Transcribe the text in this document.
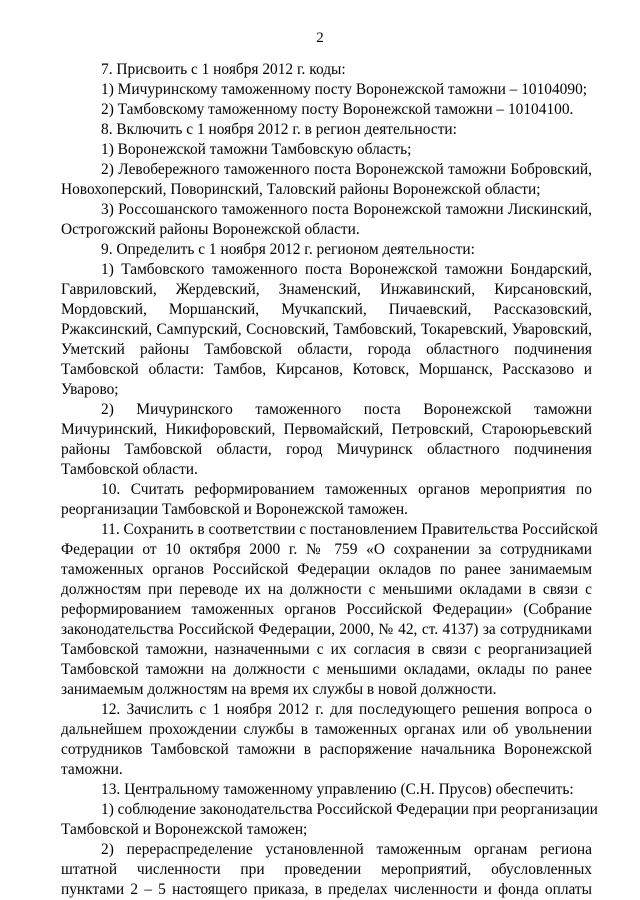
2
7. Присвоить с 1 ноября 2012 г. коды:
1) Мичуринскому таможенному посту Воронежской таможни – 10104090;
2) Тамбовскому таможенному посту Воронежской таможни – 10104100.
8. Включить с 1 ноября 2012 г. в регион деятельности:
1) Воронежской таможни Тамбовскую область;
2) Левобережного таможенного поста Воронежской таможни Бобровский,
Новохоперский, Поворинский, Таловский районы Воронежской области;
3) Россошанского таможенного поста Воронежской таможни Лискинский,
Острогожский районы Воронежской области.
9. Определить с 1 ноября 2012 г. регионом деятельности:
1) Тамбовского таможенного поста Воронежской таможни Бондарский,
Гавриловский, Жердевский, Знаменский, Инжавинский, Кирсановский,
Мордовский, Моршанский, Мучкапский, Пичаевский, Рассказовский,
Ржаксинский, Сампурский, Сосновский, Тамбовский, Токаревский, Уваровский,
Уметский районы Тамбовской области, города областного подчинения
Тамбовской области: Тамбов, Кирсанов, Котовск, Моршанск, Рассказово и
Уварово;
2) Мичуринского таможенного поста Воронежской таможни
Мичуринский, Никифоровский, Первомайский, Петровский, Староюрьевский
районы Тамбовской области, город Мичуринск областного подчинения
Тамбовской области.
10. Считать реформированием таможенных органов мероприятия по
реорганизации Тамбовской и Воронежской таможен.
11. Сохранить в соответствии с постановлением Правительства Российской
Федерации от 10 октября 2000 г. № 759 «О сохранении за сотрудниками
таможенных органов Российской Федерации окладов по ранее занимаемым
должностям при переводе их на должности с меньшими окладами в связи с
реформированием таможенных органов Российской Федерации» (Собрание
законодательства Российской Федерации, 2000, № 42, ст. 4137) за сотрудниками
Тамбовской таможни, назначенными с их согласия в связи с реорганизацией
Тамбовской таможни на должности с меньшими окладами, оклады по ранее
занимаемым должностям на время их службы в новой должности.
12. Зачислить с 1 ноября 2012 г. для последующего решения вопроса о
дальнейшем прохождении службы в таможенных органах или об увольнении
сотрудников Тамбовской таможни в распоряжение начальника Воронежской
таможни.
13. Центральному таможенному управлению (С.Н. Прусов) обеспечить:
1) соблюдение законодательства Российской Федерации при реорганизации
Тамбовской и Воронежской таможен;
2) перераспределение установленной таможенным органам региона
штатной численности при проведении мероприятий, обусловленных
пунктами 2 – 5 настоящего приказа, в пределах численности и фонда оплаты
